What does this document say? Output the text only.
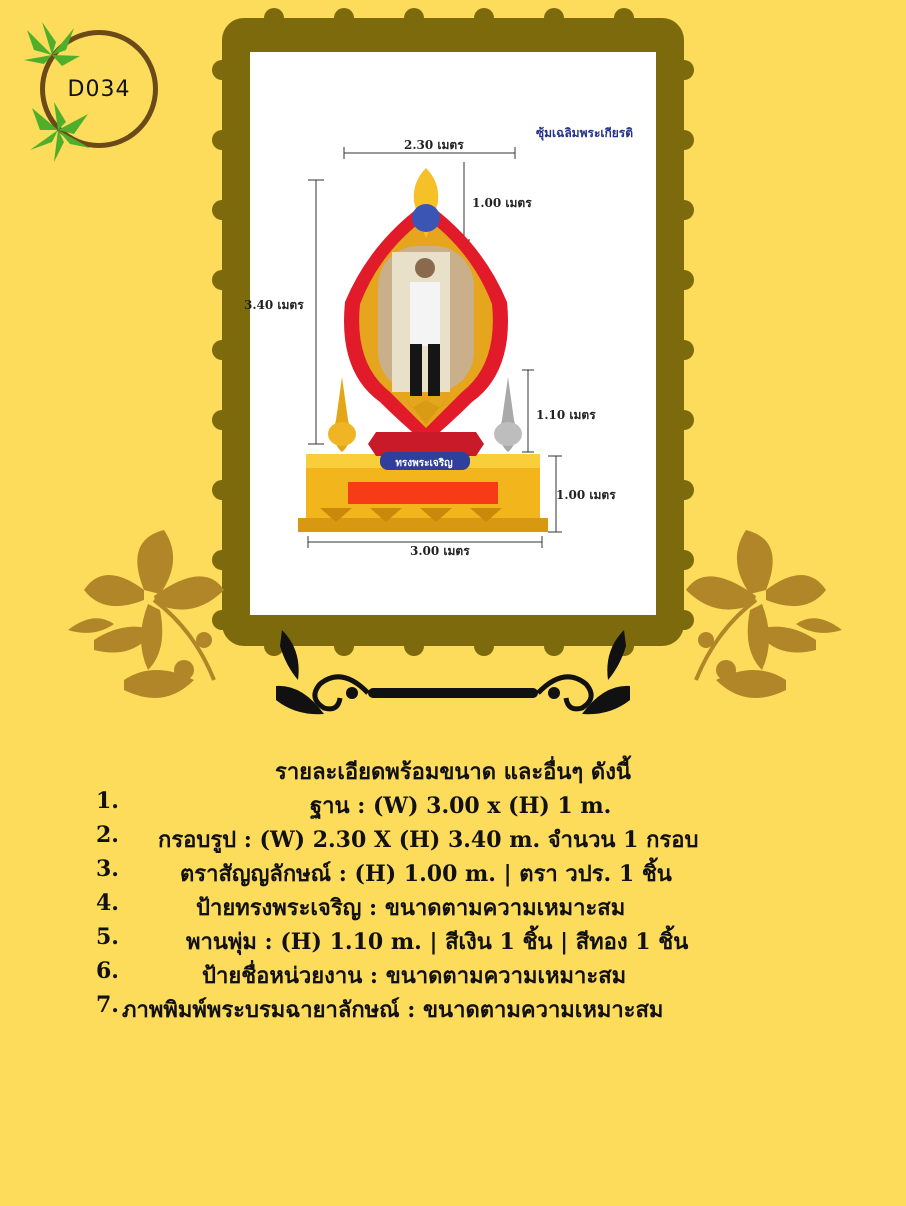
D034
ซุ้มเฉลิมพระเกียรติ
ทรงพระเจริญ
2.30 เมตร
1.00 เมตร
3.40 เมตร
1.10 เมตร
1.00 เมตร
3.00 เมตร
รายละเอียดพร้อมขนาด และอื่นๆ ดังนี้
1.	ฐาน : (W) 3.00 x (H) 1 m.
2. กรอบรูป : (W) 2.30 X (H) 3.40 m. จำนวน 1 กรอบ
3.	ตราสัญญลักษณ์ : (H) 1.00 m. | ตรา วปร. 1 ชิ้น
4.	ป้ายทรงพระเจริญ : ขนาดตามความเหมาะสม
5.	พานพุ่ม : (H) 1.10 m. | สีเงิน 1 ชิ้น | สีทอง 1 ชิ้น
6.	ป้ายชื่อหน่วยงาน : ขนาดตามความเหมาะสม
7. ภาพพิมพ์พระบรมฉายาลักษณ์ : ขนาดตามความเหมาะสม
